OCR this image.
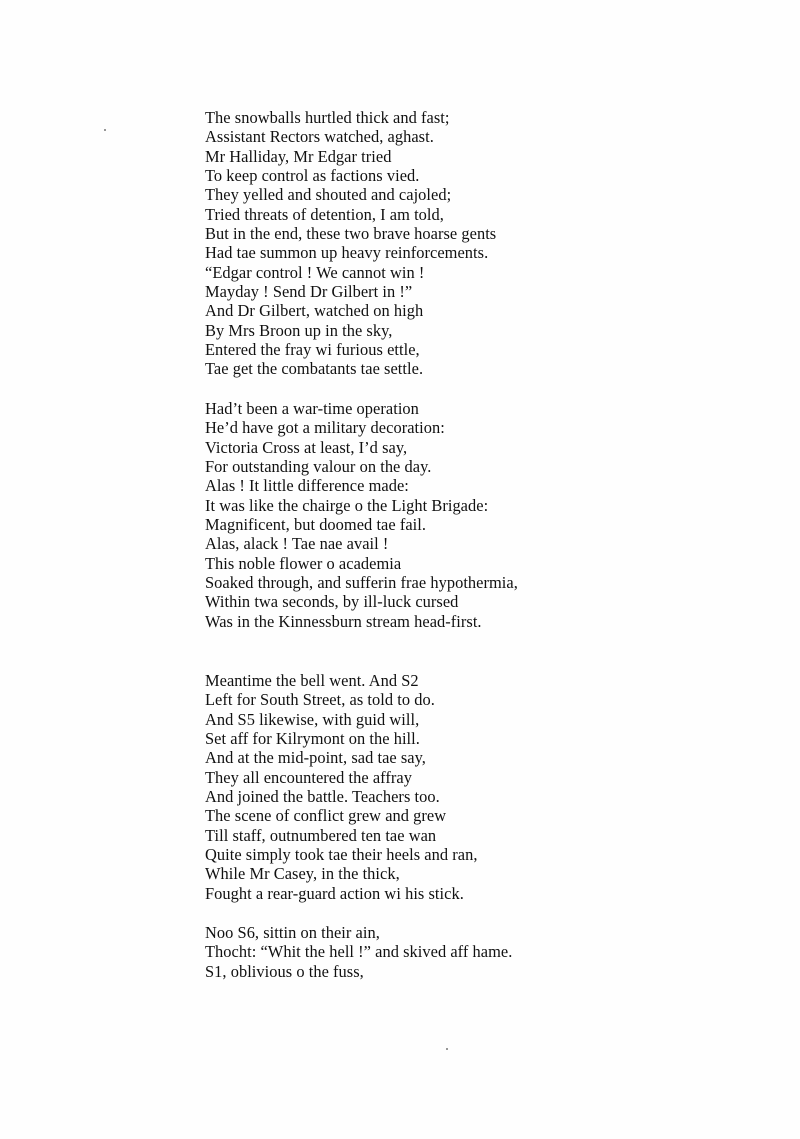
The snowballs hurtled thick and fast;
Assistant Rectors watched, aghast.
Mr Halliday, Mr Edgar tried
To keep control as factions vied.
They yelled and shouted and cajoled;
Tried threats of detention, I am told,
But in the end, these two brave hoarse gents
Had tae summon up heavy reinforcements.
“Edgar control ! We cannot win !
Mayday ! Send Dr Gilbert in !”
And Dr Gilbert, watched on high
By Mrs Broon up in the sky,
Entered the fray wi furious ettle,
Tae get the combatants tae settle.
Had’t been a war-time operation
He’d have got a military decoration:
Victoria Cross at least, I’d say,
For outstanding valour on the day.
Alas ! It little difference made:
It was like the chairge o the Light Brigade:
Magnificent, but doomed tae fail.
Alas, alack ! Tae nae avail !
This noble flower o academia
Soaked through, and sufferin frae hypothermia,
Within twa seconds, by ill-luck cursed
Was in the Kinnessburn stream head-first.
Meantime the bell went. And S2
Left for South Street, as told to do.
And S5 likewise, with guid will,
Set aff for Kilrymont on the hill.
And at the mid-point, sad tae say,
They all encountered the affray
And joined the battle. Teachers too.
The scene of conflict grew and grew
Till staff, outnumbered ten tae wan
Quite simply took tae their heels and ran,
While Mr Casey, in the thick,
Fought a rear-guard action wi his stick.
Noo S6, sittin on their ain,
Thocht: “Whit the hell !” and skived aff hame.
S1, oblivious o the fuss,
